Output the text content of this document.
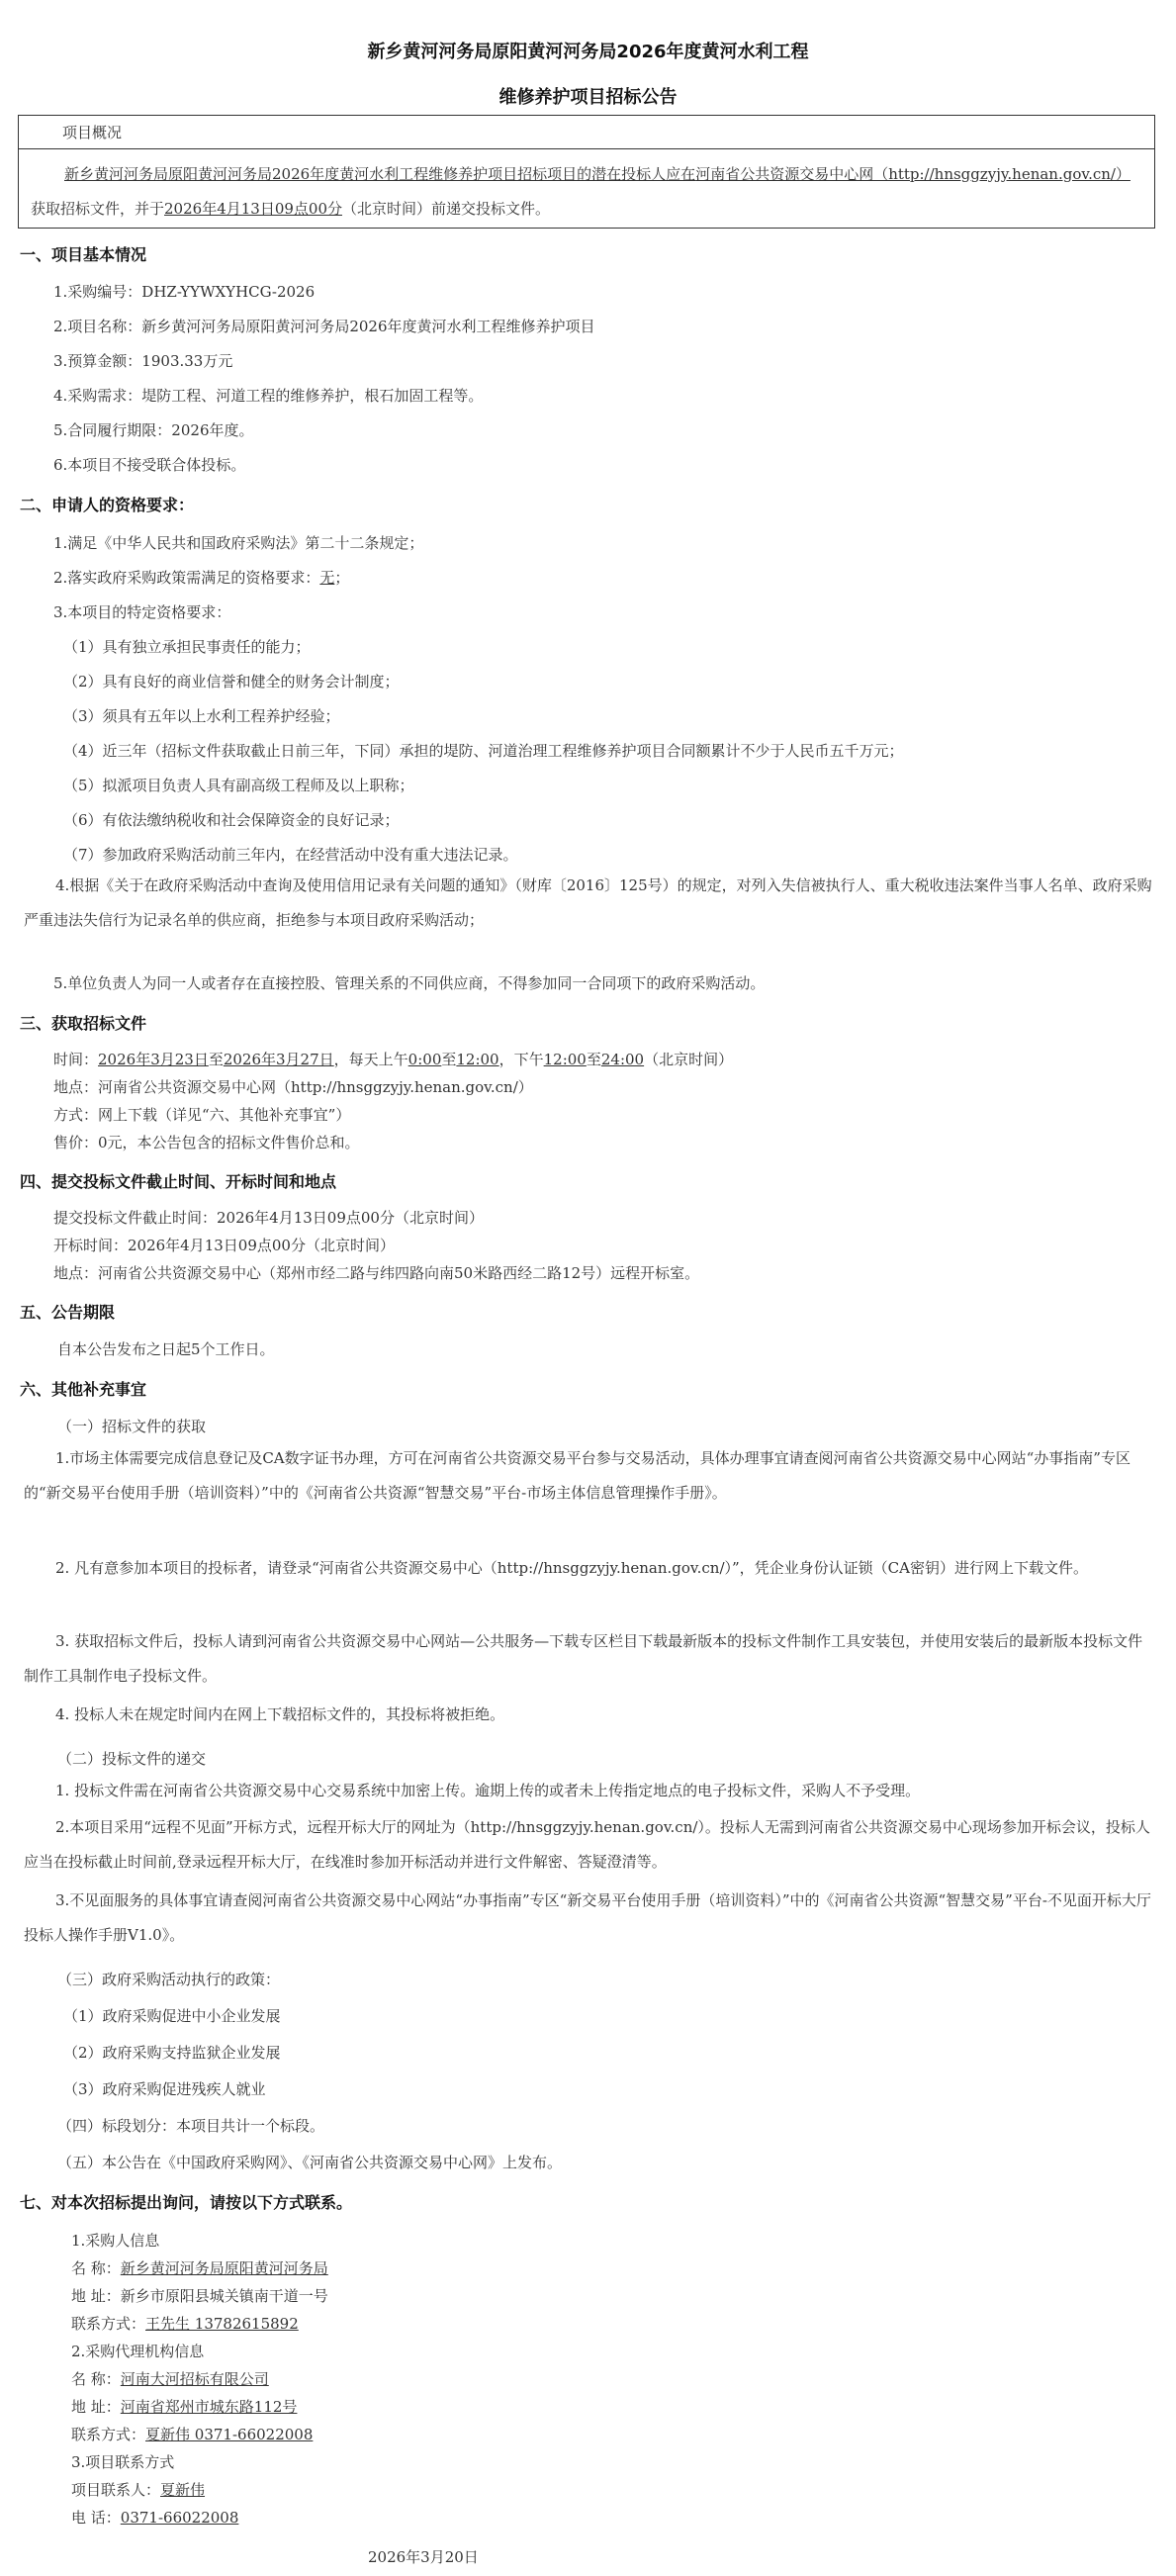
新乡黄河河务局原阳黄河河务局2026年度黄河水利工程
维修养护项目招标公告
项目概况
新乡黄河河务局原阳黄河河务局2026年度黄河水利工程维修养护项目招标项目的潜在投标人应在河南省公共资源交易中心网（http://hnsggzyjy.henan.gov.cn/）获取招标文件，并于2026年4月13日09点00分（北京时间）前递交投标文件。
一、项目基本情况
1.采购编号：DHZ-YYWXYHCG-2026
2.项目名称：新乡黄河河务局原阳黄河河务局2026年度黄河水利工程维修养护项目
3.预算金额：1903.33万元
4.采购需求：堤防工程、河道工程的维修养护，根石加固工程等。
5.合同履行期限：2026年度。
6.本项目不接受联合体投标。
二、申请人的资格要求：
1.满足《中华人民共和国政府采购法》第二十二条规定；
2.落实政府采购政策需满足的资格要求：无；
3.本项目的特定资格要求：
（1）具有独立承担民事责任的能力；
（2）具有良好的商业信誉和健全的财务会计制度；
（3）须具有五年以上水利工程养护经验；
（4）近三年（招标文件获取截止日前三年，下同）承担的堤防、河道治理工程维修养护项目合同额累计不少于人民币五千万元；
（5）拟派项目负责人具有副高级工程师及以上职称；
（6）有依法缴纳税收和社会保障资金的良好记录；
（7）参加政府采购活动前三年内，在经营活动中没有重大违法记录。
4.根据《关于在政府采购活动中查询及使用信用记录有关问题的通知》（财库〔2016〕125号）的规定，对列入失信被执行人、重大税收违法案件当事人名单、政府采购严重违法失信行为记录名单的供应商，拒绝参与本项目政府采购活动；
5.单位负责人为同一人或者存在直接控股、管理关系的不同供应商，不得参加同一合同项下的政府采购活动。
三、获取招标文件
时间：2026年3月23日至2026年3月27日，每天上午0:00至12:00，下午12:00至24:00（北京时间）
地点：河南省公共资源交易中心网（http://hnsggzyjy.henan.gov.cn/）
方式：网上下载（详见“六、其他补充事宜”）
售价：0元，本公告包含的招标文件售价总和。
四、提交投标文件截止时间、开标时间和地点
提交投标文件截止时间：2026年4月13日09点00分（北京时间）
开标时间：2026年4月13日09点00分（北京时间）
地点：河南省公共资源交易中心（郑州市经二路与纬四路向南50米路西经二路12号）远程开标室。
五、公告期限
自本公告发布之日起5个工作日。
六、其他补充事宜
（一）招标文件的获取
1.市场主体需要完成信息登记及CA数字证书办理，方可在河南省公共资源交易平台参与交易活动，具体办理事宜请查阅河南省公共资源交易中心网站“办事指南”专区的“新交易平台使用手册（培训资料）”中的《河南省公共资源“智慧交易”平台-市场主体信息管理操作手册》。
2. 凡有意参加本项目的投标者，请登录“河南省公共资源交易中心（http://hnsggzyjy.henan.gov.cn/）”，凭企业身份认证锁（CA密钥）进行网上下载文件。
3. 获取招标文件后，投标人请到河南省公共资源交易中心网站—公共服务—下载专区栏目下载最新版本的投标文件制作工具安装包，并使用安装后的最新版本投标文件制作工具制作电子投标文件。
4. 投标人未在规定时间内在网上下载招标文件的，其投标将被拒绝。
（二）投标文件的递交
1. 投标文件需在河南省公共资源交易中心交易系统中加密上传。逾期上传的或者未上传指定地点的电子投标文件，采购人不予受理。
2.本项目采用“远程不见面”开标方式，远程开标大厅的网址为（http://hnsggzyjy.henan.gov.cn/）。投标人无需到河南省公共资源交易中心现场参加开标会议，投标人应当在投标截止时间前,登录远程开标大厅，在线准时参加开标活动并进行文件解密、答疑澄清等。
3.不见面服务的具体事宜请查阅河南省公共资源交易中心网站“办事指南”专区“新交易平台使用手册（培训资料）”中的《河南省公共资源“智慧交易”平台-不见面开标大厅投标人操作手册V1.0》。
（三）政府采购活动执行的政策：
（1）政府采购促进中小企业发展
（2）政府采购支持监狱企业发展
（3）政府采购促进残疾人就业
（四）标段划分：本项目共计一个标段。
（五）本公告在《中国政府采购网》、《河南省公共资源交易中心网》上发布。
七、对本次招标提出询问，请按以下方式联系。
1.采购人信息
名 称：新乡黄河河务局原阳黄河河务局
地 址：新乡市原阳县城关镇南干道一号
联系方式：王先生 13782615892
2.采购代理机构信息
名 称：河南大河招标有限公司
地 址：河南省郑州市城东路112号
联系方式：夏新伟 0371-66022008
3.项目联系方式
项目联系人：夏新伟
电 话：0371-66022008
2026年3月20日
